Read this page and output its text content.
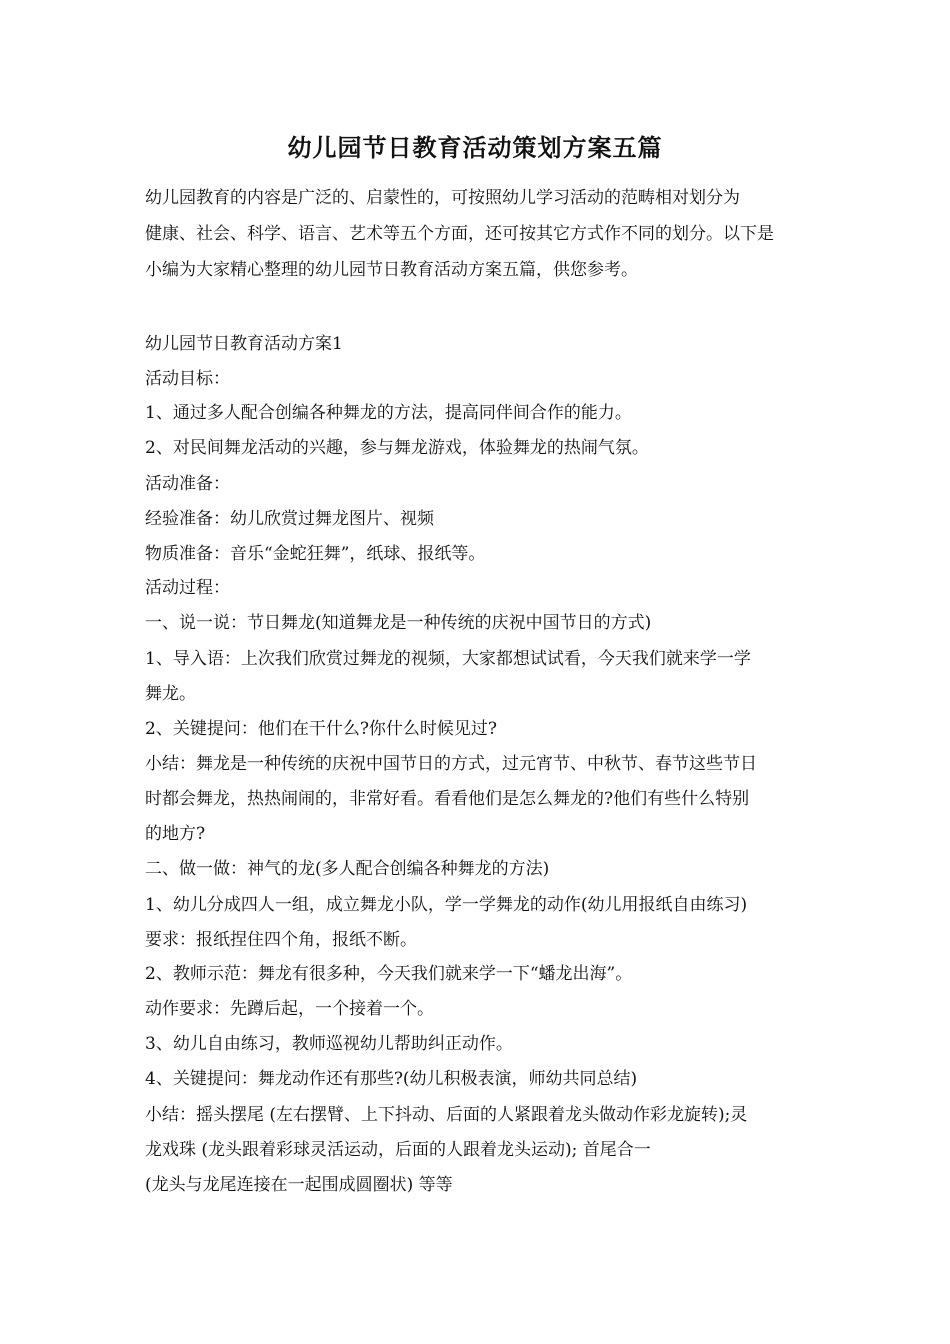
幼儿园节日教育活动策划方案五篇
幼儿园教育的内容是广泛的、启蒙性的，可按照幼儿学习活动的范畴相对划分为
健康、社会、科学、语言、艺术等五个方面，还可按其它方式作不同的划分。以下是
小编为大家精心整理的幼儿园节日教育活动方案五篇，供您参考。
幼儿园节日教育活动方案1
活动目标：
1、通过多人配合创编各种舞龙的方法，提高同伴间合作的能力。
2、对民间舞龙活动的兴趣，参与舞龙游戏，体验舞龙的热闹气氛。
活动准备：
经验准备：幼儿欣赏过舞龙图片、视频
物质准备：音乐“金蛇狂舞”，纸球、报纸等。
活动过程：
一、说一说：节日舞龙(知道舞龙是一种传统的庆祝中国节日的方式)
1、导入语：上次我们欣赏过舞龙的视频，大家都想试试看，今天我们就来学一学
舞龙。
2、关键提问：他们在干什么?你什么时候见过?
小结：舞龙是一种传统的庆祝中国节日的方式，过元宵节、中秋节、春节这些节日
时都会舞龙，热热闹闹的，非常好看。看看他们是怎么舞龙的?他们有些什么特别
的地方?
二、做一做：神气的龙(多人配合创编各种舞龙的方法)
1、幼儿分成四人一组，成立舞龙小队，学一学舞龙的动作(幼儿用报纸自由练习)
要求：报纸捏住四个角，报纸不断。
2、教师示范：舞龙有很多种，今天我们就来学一下“蟠龙出海”。
动作要求：先蹲后起，一个接着一个。
3、幼儿自由练习，教师巡视幼儿帮助纠正动作。
4、关键提问：舞龙动作还有那些?(幼儿积极表演，师幼共同总结)
小结：摇头摆尾 (左右摆臂、上下抖动、后面的人紧跟着龙头做动作彩龙旋转);灵
龙戏珠 (龙头跟着彩球灵活运动，后面的人跟着龙头运动); 首尾合一
(龙头与龙尾连接在一起围成圆圈状) 等等
